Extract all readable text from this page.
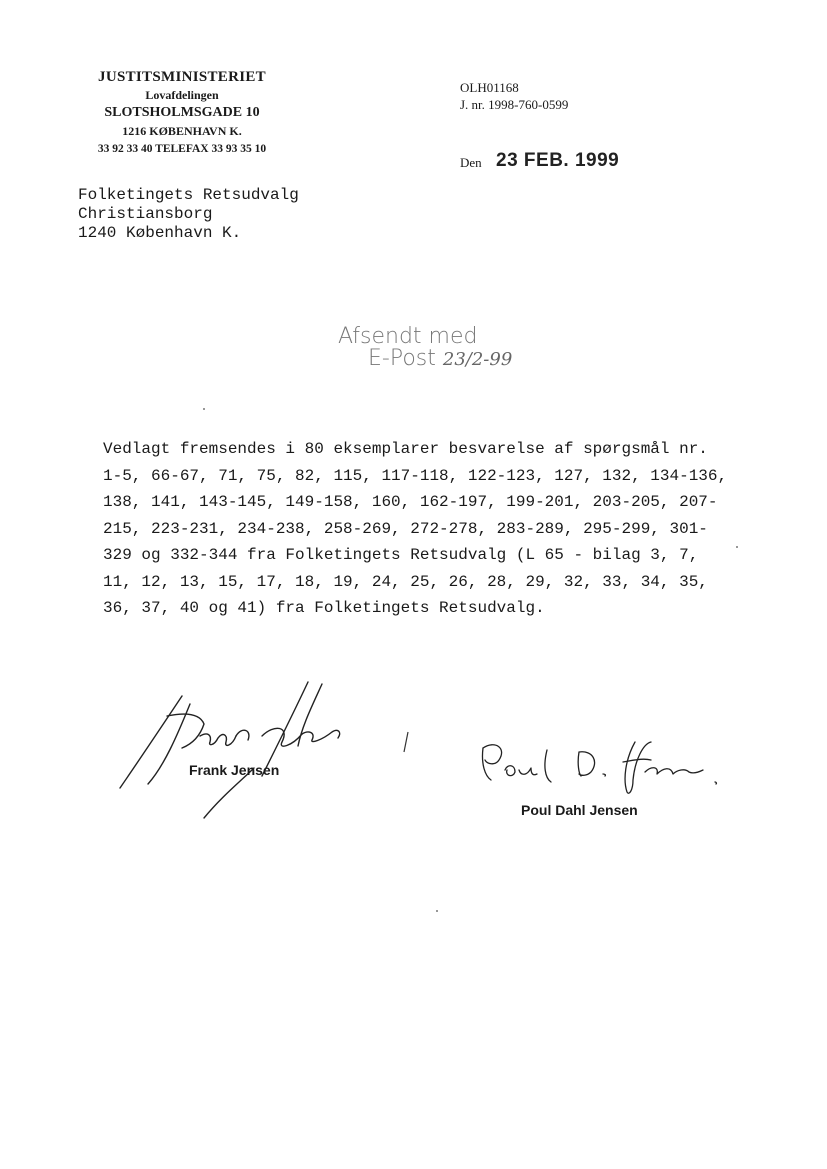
JUSTITSMINISTERIET
Lovafdelingen
SLOTSHOLMSGADE 10
1216 KØBENHAVN K.
33 92 33 40 TELEFAX 33 93 35 10
OLH01168
J. nr. 1998-760-0599
Den 23 FEB. 1999
Folketingets Retsudvalg
Christiansborg
1240 København K.
Afsendt med
E-Post 23/2-99
Vedlagt fremsendes i 80 eksemplarer besvarelse af spørgsmål nr.
1-5, 66-67, 71, 75, 82, 115, 117-118, 122-123, 127, 132, 134-136,
138, 141, 143-145, 149-158, 160, 162-197, 199-201, 203-205, 207-
215, 223-231, 234-238, 258-269, 272-278, 283-289, 295-299, 301-
329 og 332-344 fra Folketingets Retsudvalg (L 65 - bilag 3, 7,
11, 12, 13, 15, 17, 18, 19, 24, 25, 26, 28, 29, 32, 33, 34, 35,
36, 37, 40 og 41) fra Folketingets Retsudvalg.
Frank Jensen
Poul Dahl Jensen
